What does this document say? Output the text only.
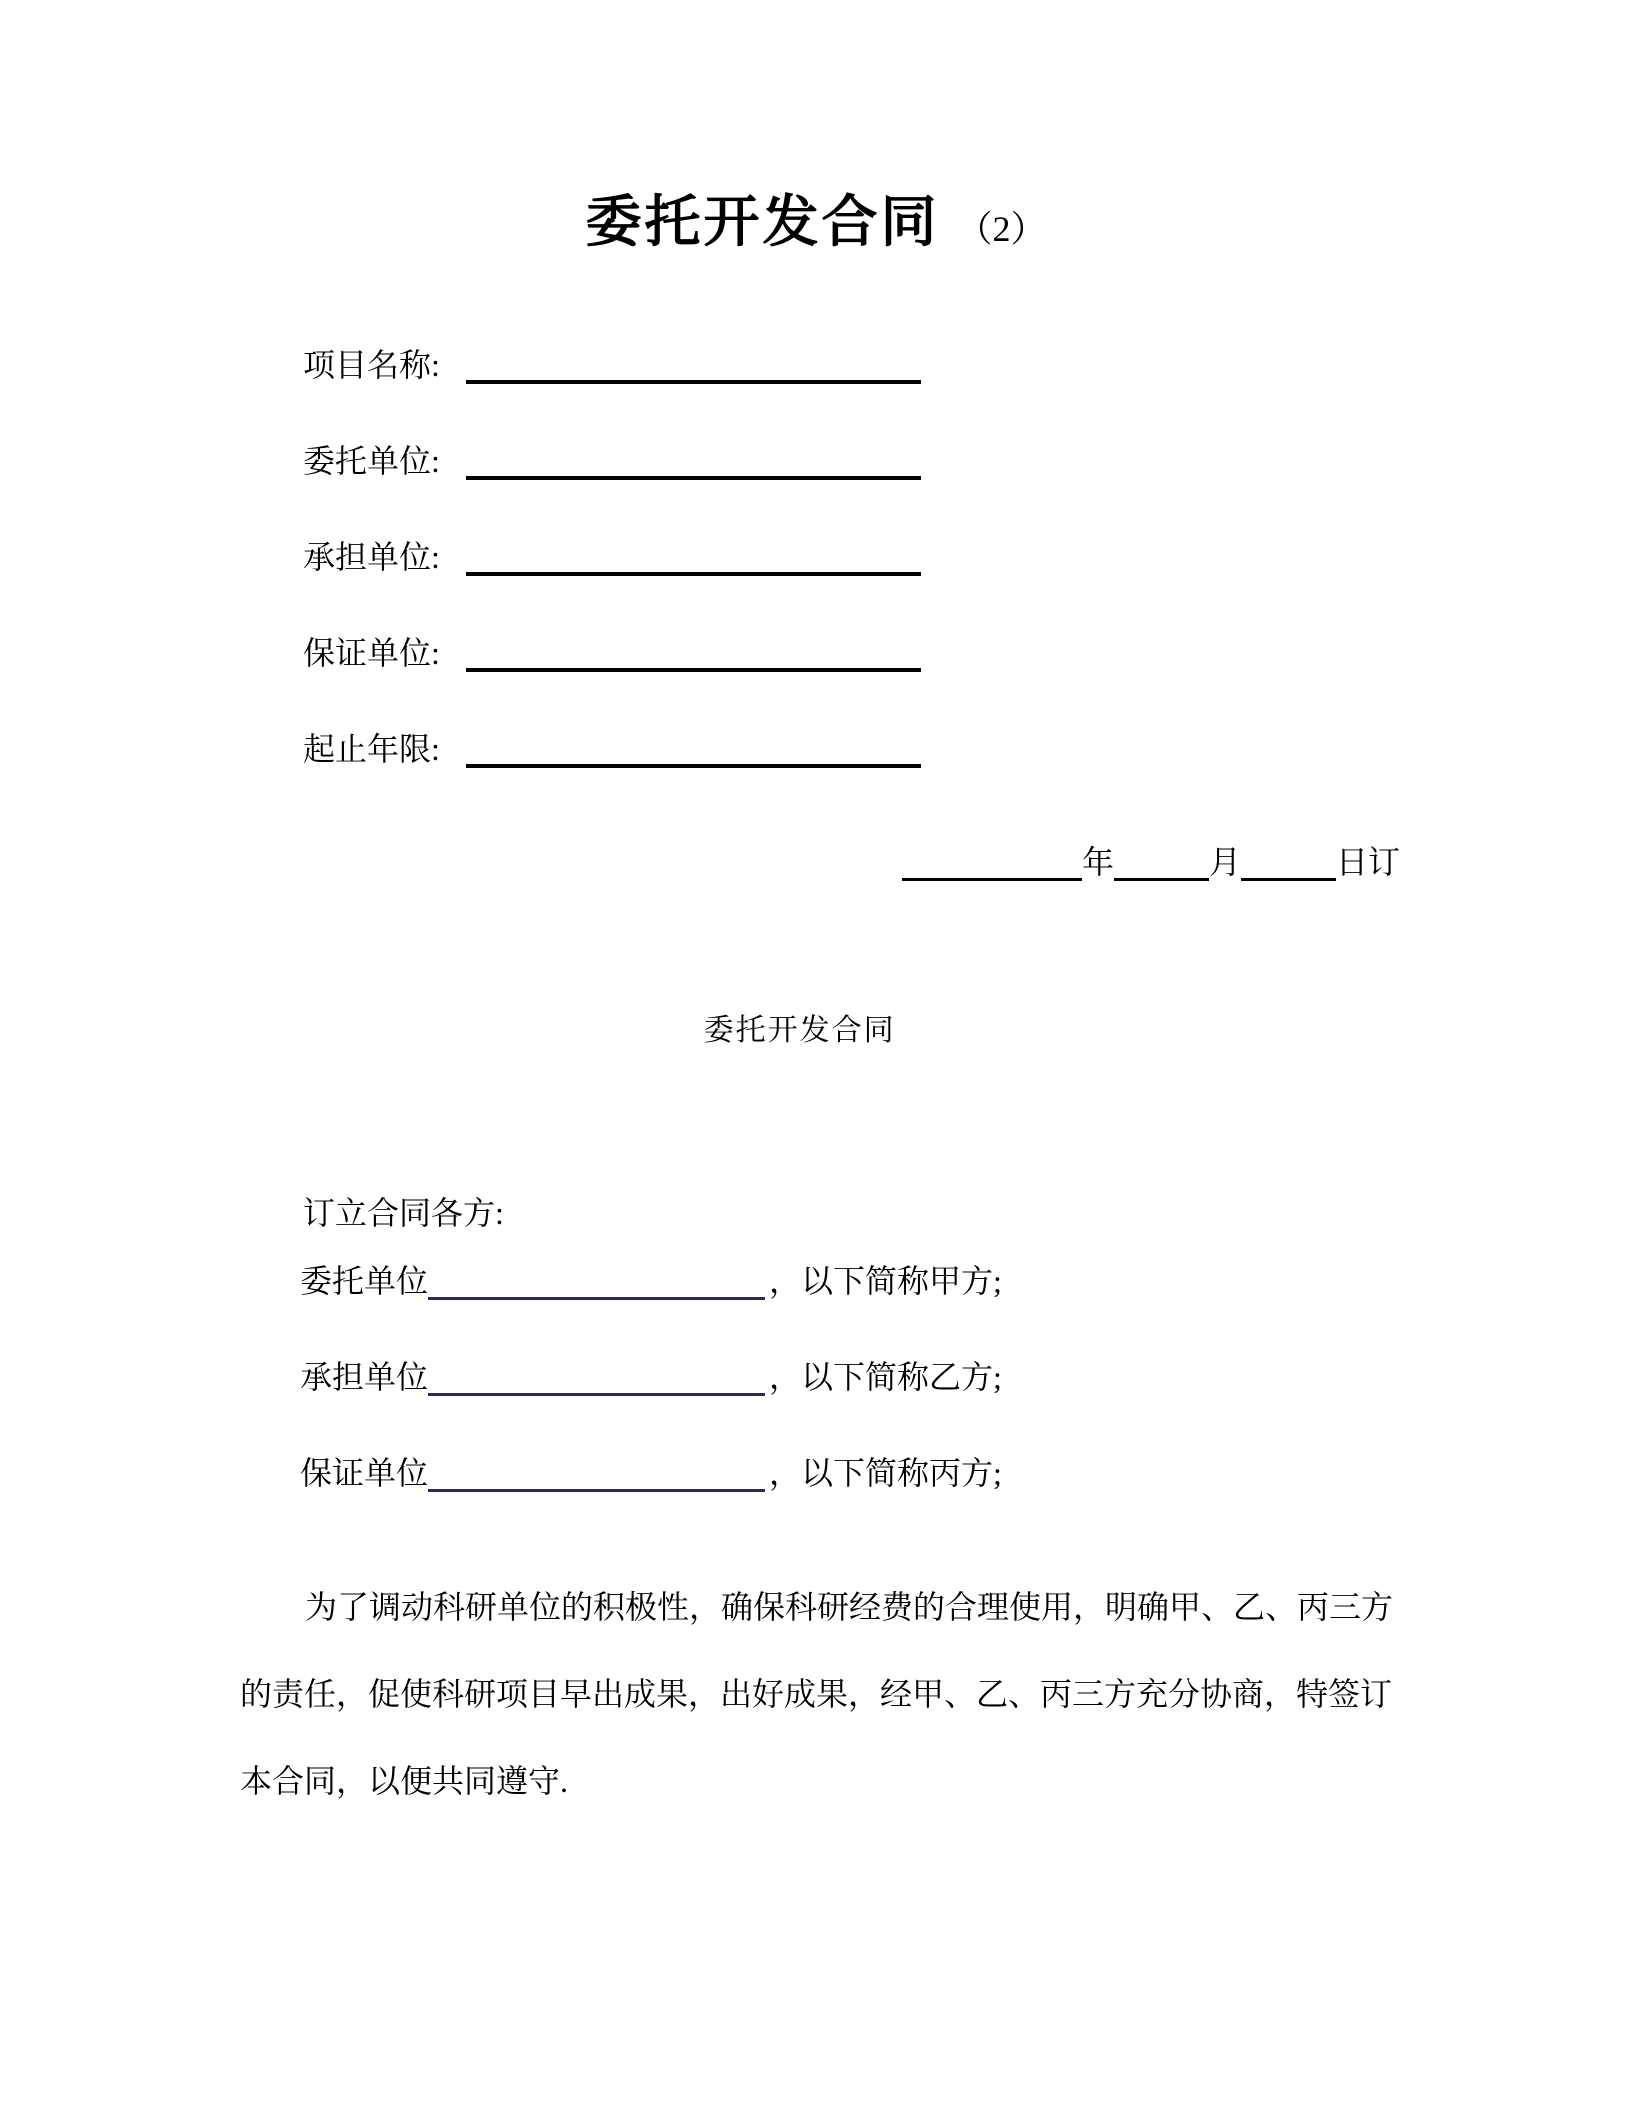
委托开发合同 （2）
项目名称:
委托单位:
承担单位:
保证单位:
起止年限:
年	月	日订
委托开发合同
订立合同各方:
委托单位	，以下简称甲方;
承担单位	，以下简称乙方;
保证单位	，以下简称丙方;
为了调动科研单位的积极性，确保科研经费的合理使用，明确甲、乙、丙三方
的责任，促使科研项目早出成果，出好成果，经甲、乙、丙三方充分协商，特签订
本合同，以便共同遵守.
